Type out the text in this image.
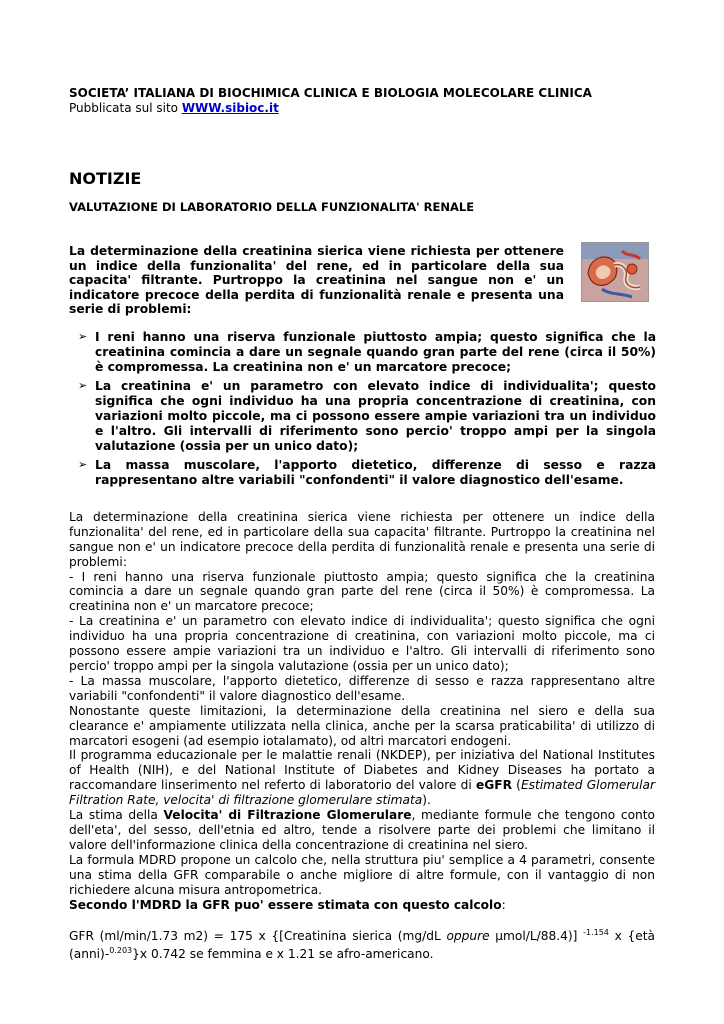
SOCIETA’ ITALIANA DI BIOCHIMICA CLINICA E BIOLOGIA MOLECOLARE CLINICA
Pubblicata sul sito WWW.sibioc.it
NOTIZIE
VALUTAZIONE DI LABORATORIO DELLA FUNZIONALITA' RENALE
La determinazione della creatinina sierica viene richiesta per ottenere un indice della funzionalita' del rene, ed in particolare della sua capacita' filtrante. Purtroppo la creatinina nel sangue non e' un indicatore precoce della perdita di funzionalità renale e presenta una serie di problemi:
➢ I reni hanno una riserva funzionale piuttosto ampia; questo significa che la creatinina comincia a dare un segnale quando gran parte del rene (circa il 50%) è compromessa. La creatinina non e' un marcatore precoce;
➢ La creatinina e' un parametro con elevato indice di individualita'; questo significa che ogni individuo ha una propria concentrazione di creatinina, con variazioni molto piccole, ma ci possono essere ampie variazioni tra un individuo e l'altro. Gli intervalli di riferimento sono percio' troppo ampi per la singola valutazione (ossia per un unico dato);
➢ La massa muscolare, l'apporto dietetico, differenze di sesso e razza rappresentano altre variabili "confondenti" il valore diagnostico dell'esame.

La determinazione della creatinina sierica viene richiesta per ottenere un indice della funzionalita' del rene, ed in particolare della sua capacita' filtrante. Purtroppo la creatinina nel sangue non e' un indicatore precoce della perdita di funzionalità renale e presenta una serie di problemi:

- I reni hanno una riserva funzionale piuttosto ampia; questo significa che la creatinina comincia a dare un segnale quando gran parte del rene (circa il 50%) è compromessa. La creatinina non e' un marcatore precoce;

- La creatinina e' un parametro con elevato indice di individualita'; questo significa che ogni individuo ha una propria concentrazione di creatinina, con variazioni molto piccole, ma ci possono essere ampie variazioni tra un individuo e l'altro. Gli intervalli di riferimento sono percio' troppo ampi per la singola valutazione (ossia per un unico dato);

- La massa muscolare, l'apporto dietetico, differenze di sesso e razza rappresentano altre variabili "confondenti" il valore diagnostico dell'esame.

Nonostante queste limitazioni, la determinazione della creatinina nel siero e della sua clearance e' ampiamente utilizzata nella clinica, anche per la scarsa praticabilita' di utilizzo di marcatori esogeni (ad esempio iotalamato), od altri marcatori endogeni.

Il programma educazionale per le malattie renali (NKDEP), per iniziativa del National Institutes of Health (NIH), e del National Institute of Diabetes and Kidney Diseases ha portato a raccomandare linserimento nel referto di laboratorio del valore di eGFR (Estimated Glomerular Filtration Rate, velocita' di filtrazione glomerulare stimata).

La stima della Velocita' di Filtrazione Glomerulare, mediante formule che tengono conto dell'eta', del sesso, dell'etnia ed altro, tende a risolvere parte dei problemi che limitano il valore dell'informazione clinica della concentrazione di creatinina nel siero.

La formula MDRD propone un calcolo che, nella struttura piu' semplice a 4 parametri, consente una stima della GFR comparabile o anche migliore di altre formule, con il vantaggio di non richiedere alcuna misura antropometrica.

Secondo l'MDRD la GFR puo' essere stimata con questo calcolo:

GFR (ml/min/1.73 m2) = 175 x {[Creatinina sierica (mg/dL oppure µmol/L/88.4)] $^{-1.154}$ x {età (anni)-$^{0.203}$}x 0.742 se femmina e x 1.21 se afro-americano.
